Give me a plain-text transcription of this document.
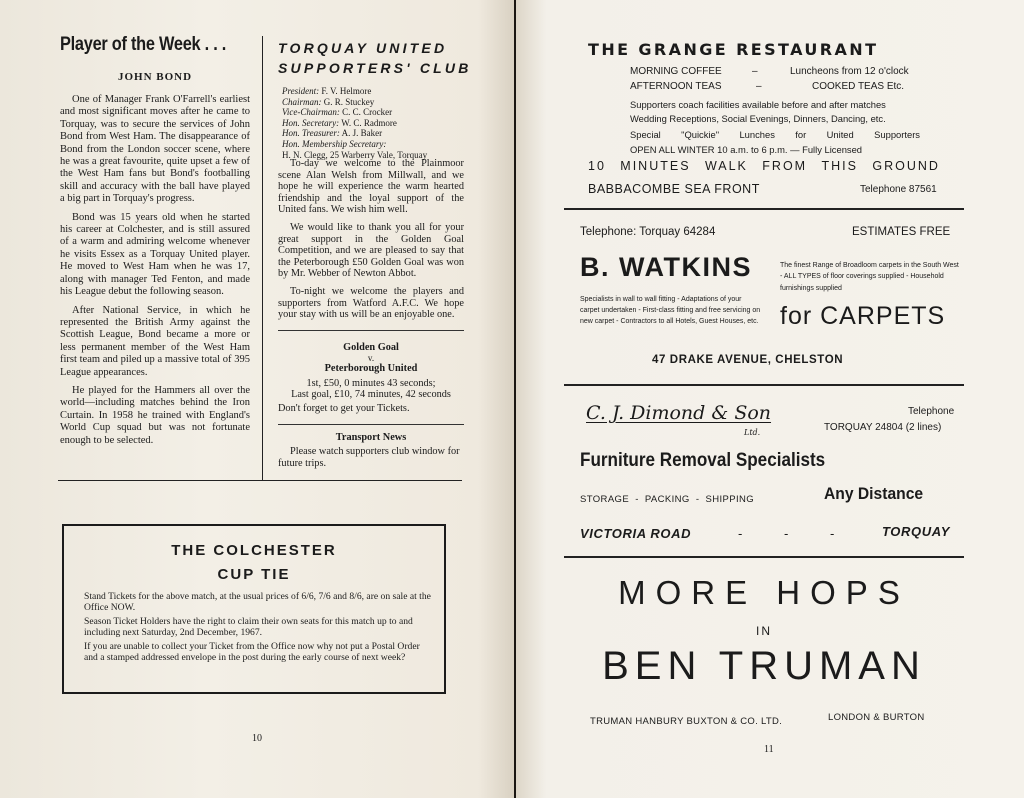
Player of the Week . . .
JOHN BOND

One of Manager Frank O'Farrell's earliest and most significant moves after he came to Torquay, was to secure the services of John Bond from West Ham. The disappearance of Bond from the London soccer scene, where he was a great favourite, quite upset a few of the West Ham fans but Bond's footballing skill and accuracy with the ball have played a big part in Torquay's progress.

Bond was 15 years old when he started his career at Colchester, and is still assured of a warm and admiring welcome whenever he visits Essex as a Torquay United player. He moved to West Ham when he was 17, along with manager Ted Fenton, and made his League debut the following season.

After National Service, in which he represented the British Army against the Scottish League, Bond became a more or less permanent member of the West Ham first team and piled up a massive total of 395 League appearances.

He played for the Hammers all over the world—including matches behind the Iron Curtain. In 1958 he trained with England's World Cup squad but was not fortunate enough to be selected.

TORQUAY UNITED
SUPPORTERS' CLUB
President: F. V. Helmore
Chairman: G. R. Stuckey
Vice-Chairman: C. C. Crocker
Hon. Secretary: W. C. Radmore
Hon. Treasurer: A. J. Baker
Hon. Membership Secretary:
H. N. Clegg, 25 Warberry Vale, Torquay

To-day we welcome to the Plainmoor scene Alan Welsh from Millwall, and we hope he will experience the warm hearted friendship and the loyal support of the United fans. We wish him well.

We would like to thank you all for your great support in the Golden Goal Competition, and we are pleased to say that the Peterborough £50 Golden Goal was won by Mr. Webber of Newton Abbot.

To-night we welcome the players and supporters from Watford A.F.C. We hope your stay with us will be an enjoyable one.

Golden Goal
v.
Peterborough United
1st, £50, 0 minutes 43 seconds;
Last goal, £10, 74 minutes, 42 seconds
Don't forget to get your Tickets.
Transport News
Please watch supporters club window for future trips.
THE COLCHESTER
CUP TIE

Stand Tickets for the above match, at the usual prices of 6/6, 7/6 and 8/6, are on sale at the Office NOW.

Season Ticket Holders have the right to claim their own seats for this match up to and including next Saturday, 2nd December, 1967.

If you are unable to collect your Ticket from the Office now why not put a Postal Order and a stamped addressed envelope in the post during the early course of next week?

10
THE GRANGE RESTAURANT
MORNING COFFEE	–	Luncheons from 12 o'clock
AFTERNOON TEAS	–	COOKED TEAS Etc.
Supporters coach facilities available before and after matches
Wedding Receptions, Social Evenings, Dinners, Dancing, etc.
Special "Quickie" Lunches for United Supporters
OPEN ALL WINTER 10 a.m. to 6 p.m. — Fully Licensed
10 MINUTES WALK FROM THIS GROUND
BABBACOMBE SEA FRONT	Telephone 87561
Telephone: Torquay 64284	ESTIMATES FREE
B. WATKINS	The finest Range of Broadloom carpets in the South West - ALL TYPES of floor coverings supplied - Household furnishings supplied
Specialists in wall to wall fitting - Adaptations of your carpet undertaken - First-class fitting and free servicing on new carpet - Contractors to all Hotels, Guest Houses, etc. for CARPETS
47 DRAKE AVENUE, CHELSTON
C. J. Dimond & Son
Ltd.
Telephone
TORQUAY 24804 (2 lines)
Furniture Removal Specialists
STORAGE - PACKING - SHIPPING	Any Distance
VICTORIA ROAD	-	-	-	TORQUAY
MORE HOPS
IN
BEN TRUMAN
TRUMAN HANBURY BUXTON & CO. LTD.	LONDON & BURTON
11
